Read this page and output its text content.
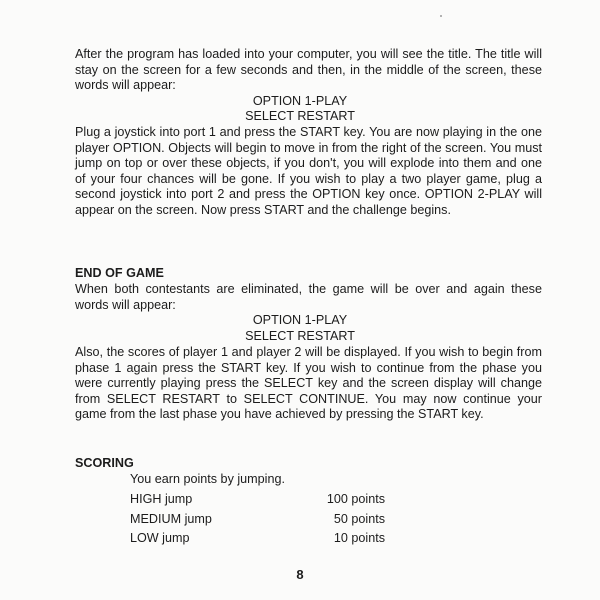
After the program has loaded into your computer, you will see the title. The title will stay on the screen for a few seconds and then, in the middle of the screen, these words will appear:

OPTION 1-PLAY

SELECT RESTART

Plug a joystick into port 1 and press the START key. You are now playing in the one player OPTION. Objects will begin to move in from the right of the screen. You must jump on top or over these objects, if you don't, you will explode into them and one of your four chances will be gone. If you wish to play a two player game, plug a second joystick into port 2 and press the OPTION key once. OPTION 2-PLAY will appear on the screen. Now press START and the challenge begins.

END OF GAME

When both contestants are eliminated, the game will be over and again these words will appear:

OPTION 1-PLAY

SELECT RESTART

Also, the scores of player 1 and player 2 will be displayed. If you wish to begin from phase 1 again press the START key. If you wish to continue from the phase you were currently playing press the SELECT key and the screen display will change from SELECT RESTART to SELECT CONTINUE. You may now continue your game from the last phase you have achieved by pressing the START key.

SCORING

You earn points by jumping.

HIGH jump	100 points
MEDIUM jump	50 points
LOW jump	10 points
8
